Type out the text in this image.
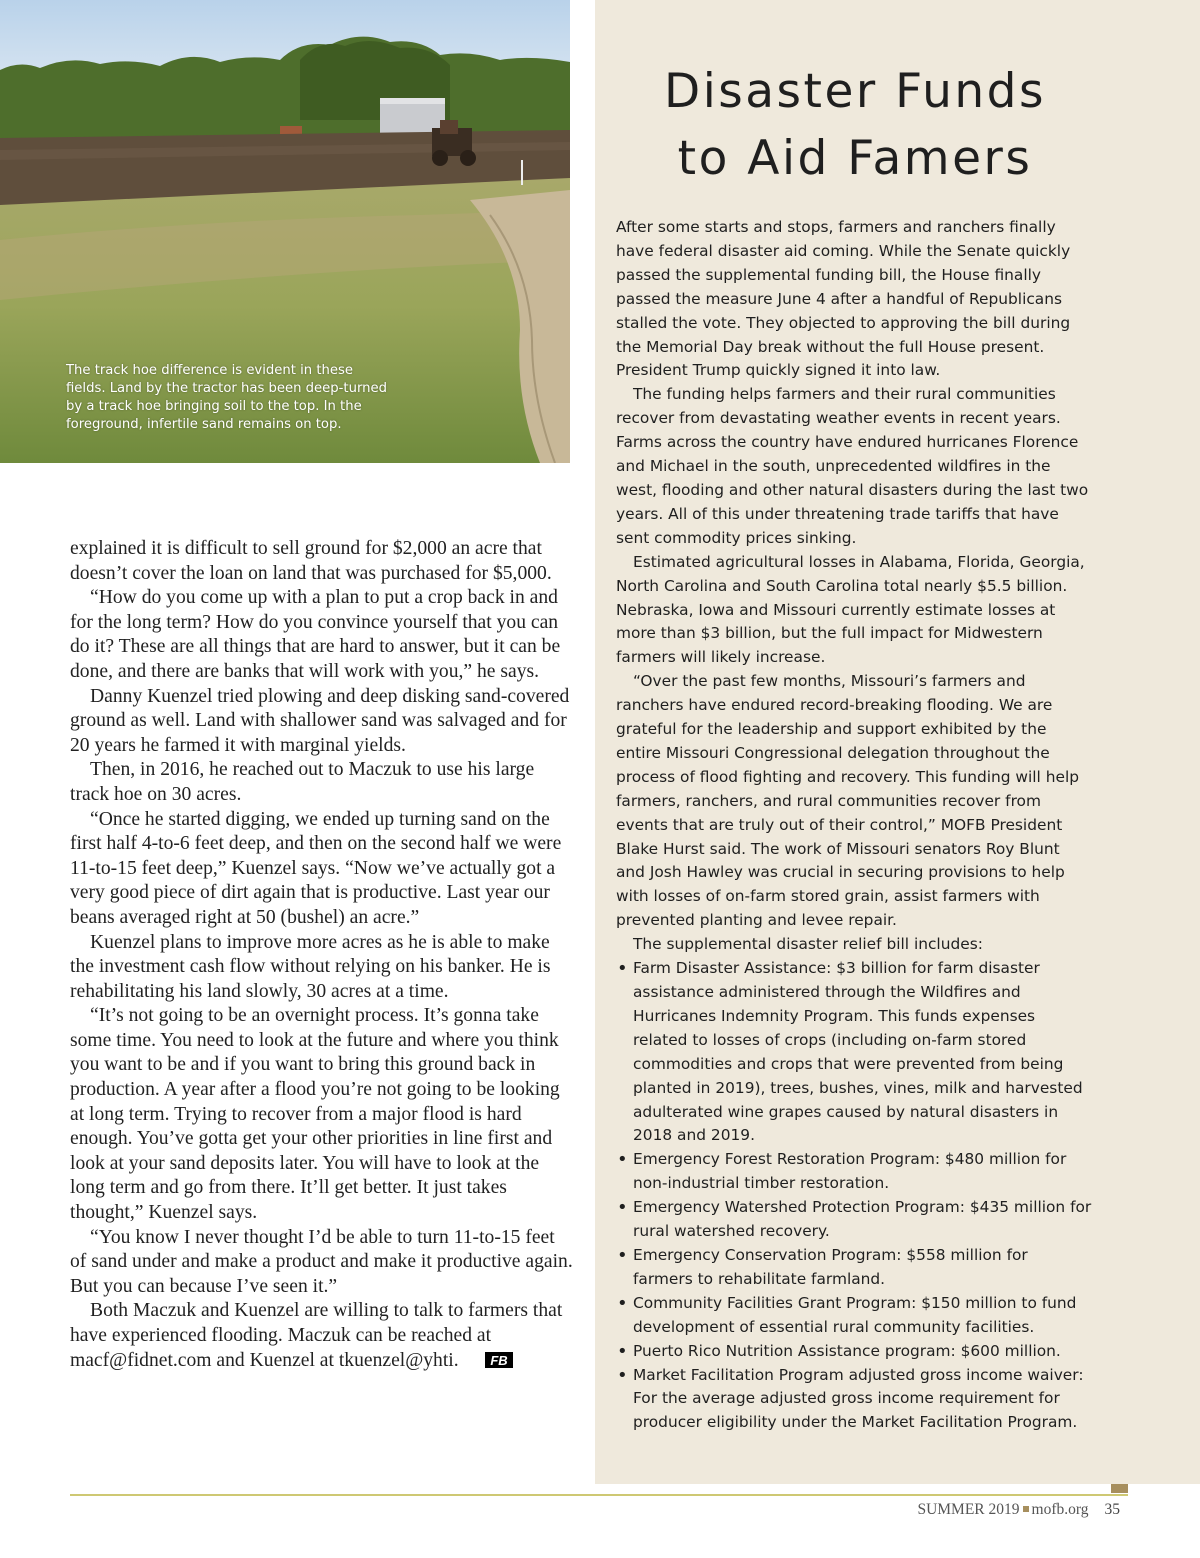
The track hoe difference is evident in these fields. Land by the tractor has been deep-turned by a track hoe bringing soil to the top. In the foreground, infertile sand remains on top.

explained it is difficult to sell ground for $2,000 an acre that doesn’t cover the loan on land that was purchased for $5,000.

“How do you come up with a plan to put a crop back in and for the long term? How do you convince yourself that you can do it? These are all things that are hard to answer, but it can be done, and there are banks that will work with you,” he says.

Danny Kuenzel tried plowing and deep disking sand-covered ground as well. Land with shallower sand was salvaged and for 20 years he farmed it with marginal yields.

Then, in 2016, he reached out to Maczuk to use his large track hoe on 30 acres.

“Once he started digging, we ended up turning sand on the first half 4-to-6 feet deep, and then on the second half we were 11-to-15 feet deep,” Kuenzel says. “Now we’ve actually got a very good piece of dirt again that is productive. Last year our beans averaged right at 50 (bushel) an acre.”

Kuenzel plans to improve more acres as he is able to make the investment cash flow without relying on his banker. He is rehabilitating his land slowly, 30 acres at a time.

“It’s not going to be an overnight process. It’s gonna take some time. You need to look at the future and where you think you want to be and if you want to bring this ground back in production. A year after a flood you’re not going to be looking at long term. Trying to recover from a major flood is hard enough. You’ve gotta get your other priorities in line first and look at your sand deposits later. You will have to look at the long term and go from there. It’ll get better. It just takes thought,” Kuenzel says.

“You know I never thought I’d be able to turn 11-to-15 feet of sand under and make a product and make it productive again. But you can because I’ve seen it.”

Both Maczuk and Kuenzel are willing to talk to farmers that have experienced flooding. Maczuk can be reached at macf@fidnet.com and Kuenzel at tkuenzel@yhti. FB

Disaster Funds
to Aid Famers

After some starts and stops, farmers and ranchers finally have federal disaster aid coming. While the Senate quickly passed the supplemental funding bill, the House finally passed the measure June 4 after a handful of Republicans stalled the vote. They objected to approving the bill during the Memorial Day break without the full House present. President Trump quickly signed it into law.

The funding helps farmers and their rural communities recover from devastating weather events in recent years. Farms across the country have endured hurricanes Florence and Michael in the south, unprecedented wildfires in the west, flooding and other natural disasters during the last two years. All of this under threatening trade tariffs that have sent commodity prices sinking.

Estimated agricultural losses in Alabama, Florida, Georgia, North Carolina and South Carolina total nearly $5.5 billion. Nebraska, Iowa and Missouri currently estimate losses at more than $3 billion, but the full impact for Midwestern farmers will likely increase.

“Over the past few months, Missouri’s farmers and ranchers have endured record-breaking flooding. We are grateful for the leadership and support exhibited by the entire Missouri Congressional delegation throughout the process of flood fighting and recovery. This funding will help farmers, ranchers, and rural communities recover from events that are truly out of their control,” MOFB President Blake Hurst said. The work of Missouri senators Roy Blunt and Josh Hawley was crucial in securing provisions to help with losses of on-farm stored grain, assist farmers with prevented planting and levee repair.

The supplemental disaster relief bill includes:

• Farm Disaster Assistance: $3 billion for farm disaster assistance administered through the Wildfires and Hurricanes Indemnity Program. This funds expenses related to losses of crops (including on-farm stored commodities and crops that were prevented from being planted in 2019), trees, bushes, vines, milk and harvested adulterated wine grapes caused by natural disasters in 2018 and 2019.
• Emergency Forest Restoration Program: $480 million for non-industrial timber restoration.
• Emergency Watershed Protection Program: $435 million for rural watershed recovery.
• Emergency Conservation Program: $558 million for farmers to rehabilitate farmland.
• Community Facilities Grant Program: $150 million to fund development of essential rural community facilities.
• Puerto Rico Nutrition Assistance program: $600 million.
• Market Facilitation Program adjusted gross income waiver: For the average adjusted gross income requirement for producer eligibility under the Market Facilitation Program.
SUMMER 2019 mofb.org 35
